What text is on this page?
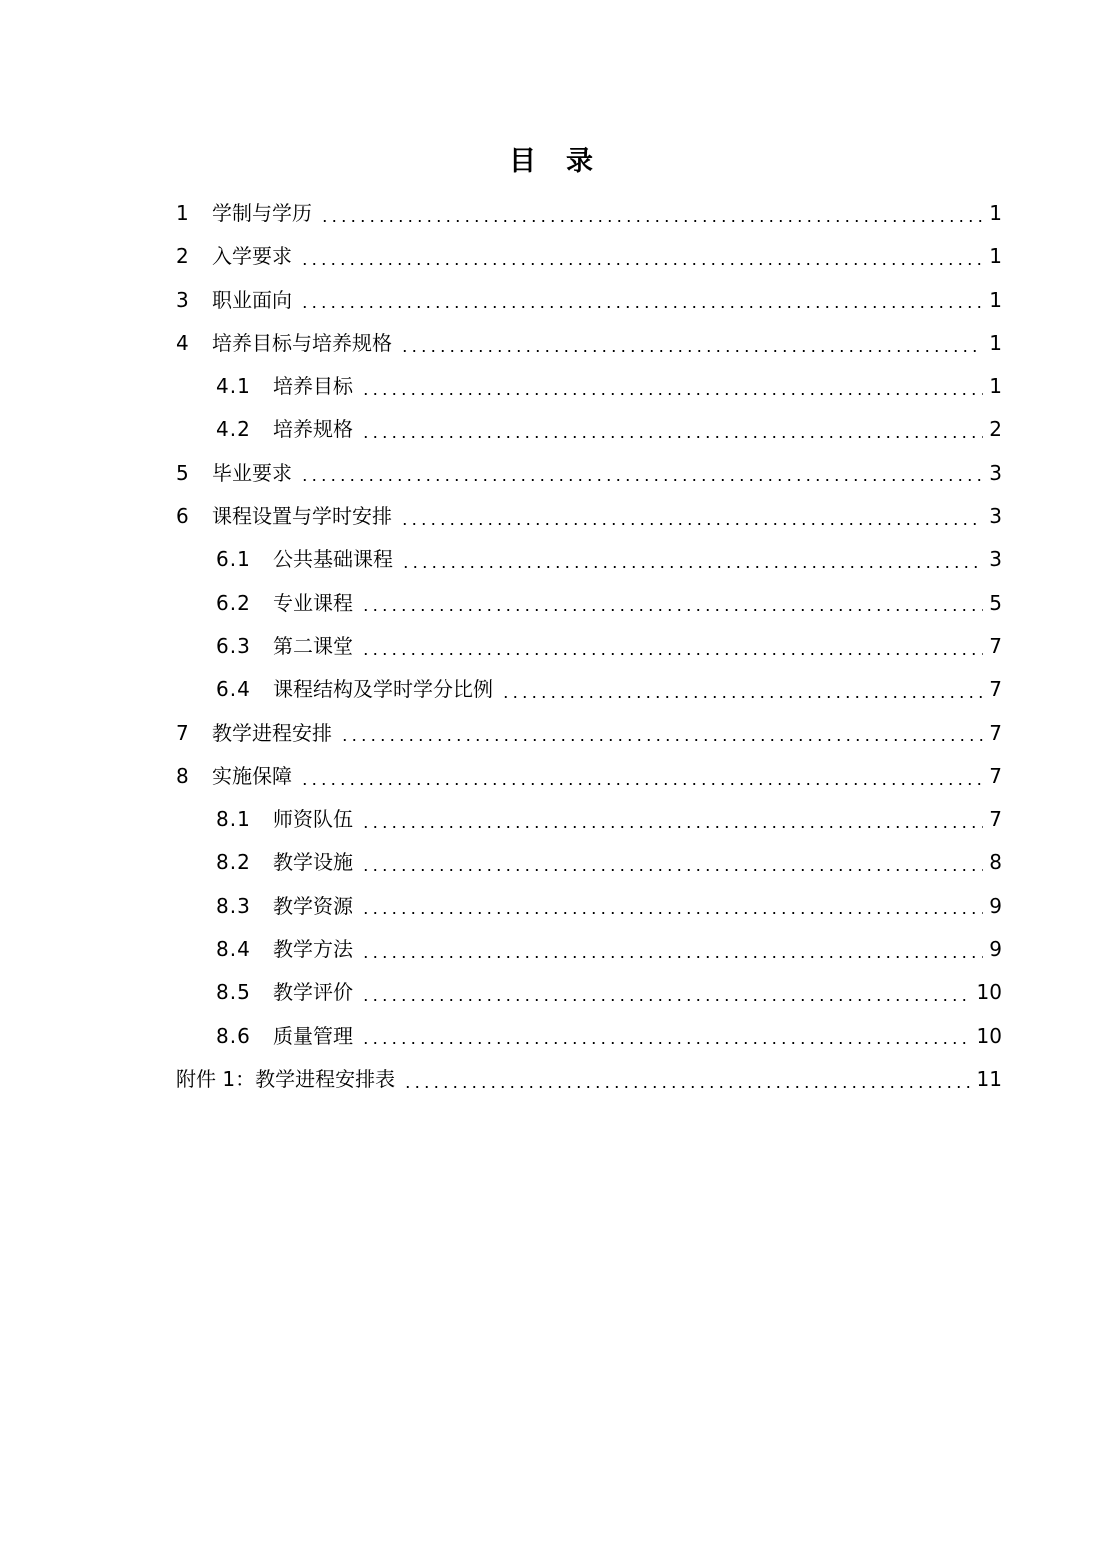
目 录
1	学制与学历	1
2	入学要求	1
3	职业面向	1
4	培养目标与培养规格	1
4.1	培养目标	1
4.2	培养规格	2
5	毕业要求	3
6	课程设置与学时安排	3
6.1	公共基础课程	3
6.2	专业课程	5
6.3	第二课堂	7
6.4	课程结构及学时学分比例	7
7	教学进程安排	7
8	实施保障	7
8.1	师资队伍	7
8.2	教学设施	8
8.3	教学资源	9
8.4	教学方法	9
8.5	教学评价	10
8.6	质量管理	10
附件 1： 教学进程安排表	11
